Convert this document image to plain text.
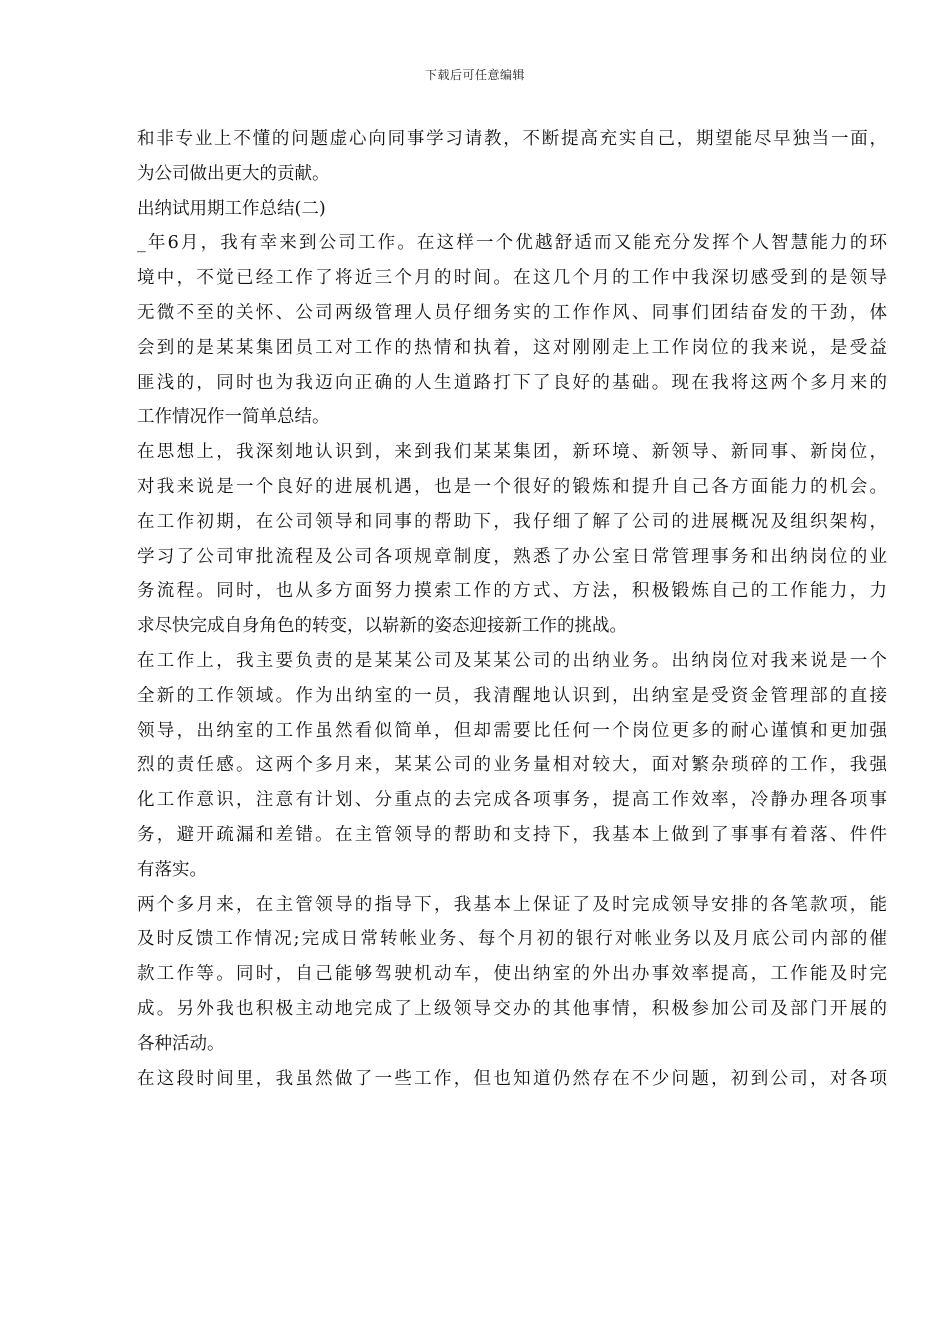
下载后可任意编辑
和非专业上不懂的问题虚心向同事学习请教，不断提高充实自己，期望能尽早独当一面，
为公司做出更大的贡献。
出纳试用期工作总结(二)
_年6月，我有幸来到公司工作。在这样一个优越舒适而又能充分发挥个人智慧能力的环
境中，不觉已经工作了将近三个月的时间。在这几个月的工作中我深切感受到的是领导
无微不至的关怀、公司两级管理人员仔细务实的工作作风、同事们团结奋发的干劲，体
会到的是某某集团员工对工作的热情和执着，这对刚刚走上工作岗位的我来说，是受益
匪浅的，同时也为我迈向正确的人生道路打下了良好的基础。现在我将这两个多月来的
工作情况作一简单总结。
在思想上，我深刻地认识到，来到我们某某集团，新环境、新领导、新同事、新岗位，
对我来说是一个良好的进展机遇，也是一个很好的锻炼和提升自己各方面能力的机会。
在工作初期，在公司领导和同事的帮助下，我仔细了解了公司的进展概况及组织架构，
学习了公司审批流程及公司各项规章制度，熟悉了办公室日常管理事务和出纳岗位的业
务流程。同时，也从多方面努力摸索工作的方式、方法，积极锻炼自己的工作能力，力
求尽快完成自身角色的转变，以崭新的姿态迎接新工作的挑战。
在工作上，我主要负责的是某某公司及某某公司的出纳业务。出纳岗位对我来说是一个
全新的工作领域。作为出纳室的一员，我清醒地认识到，出纳室是受资金管理部的直接
领导，出纳室的工作虽然看似简单，但却需要比任何一个岗位更多的耐心谨慎和更加强
烈的责任感。这两个多月来，某某公司的业务量相对较大，面对繁杂琐碎的工作，我强
化工作意识，注意有计划、分重点的去完成各项事务，提高工作效率，冷静办理各项事
务，避开疏漏和差错。在主管领导的帮助和支持下，我基本上做到了事事有着落、件件
有落实。
两个多月来，在主管领导的指导下，我基本上保证了及时完成领导安排的各笔款项，能
及时反馈工作情况;完成日常转帐业务、每个月初的银行对帐业务以及月底公司内部的催
款工作等。同时，自己能够驾驶机动车，使出纳室的外出办事效率提高，工作能及时完
成。另外我也积极主动地完成了上级领导交办的其他事情，积极参加公司及部门开展的
各种活动。
在这段时间里，我虽然做了一些工作，但也知道仍然存在不少问题，初到公司，对各项
